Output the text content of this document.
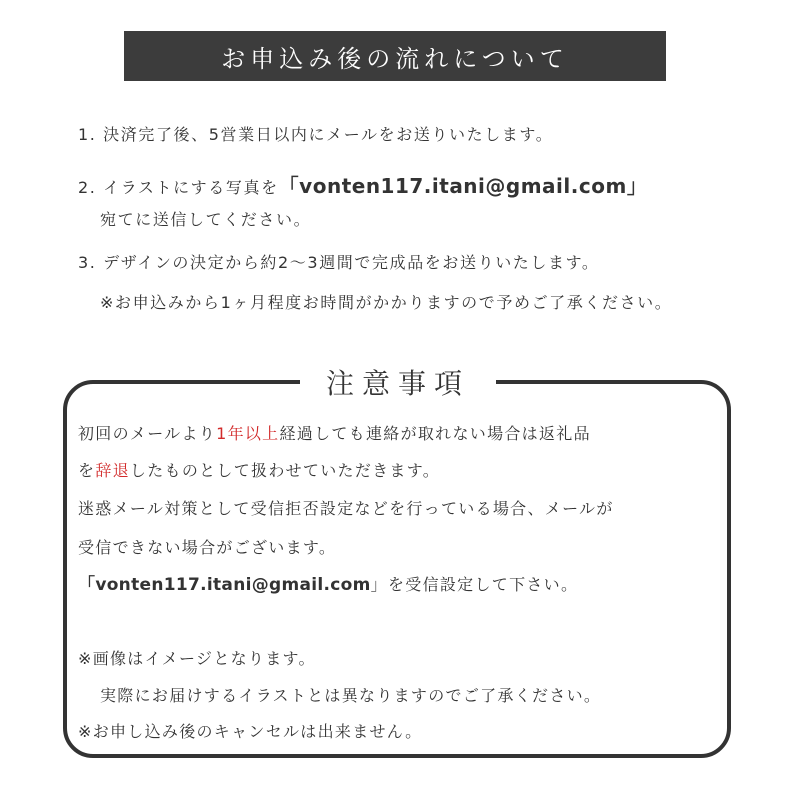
お申込み後の流れについて
1. 決済完了後、5営業日以内にメールをお送りいたします。
2. イラストにする写真を「vonten117.itani@gmail.com」
宛てに送信してください。
3. デザインの決定から約2〜3週間で完成品をお送りいたします。
※お申込みから1ヶ月程度お時間がかかりますので予めご了承ください。
注意事項
初回のメールより1年以上経過しても連絡が取れない場合は返礼品
を辞退したものとして扱わせていただきます。
迷惑メール対策として受信拒否設定などを行っている場合、メールが
受信できない場合がございます。
「vonten117.itani@gmail.com」を受信設定して下さい。
※画像はイメージとなります。
実際にお届けするイラストとは異なりますのでご了承ください。
※お申し込み後のキャンセルは出来ません。
